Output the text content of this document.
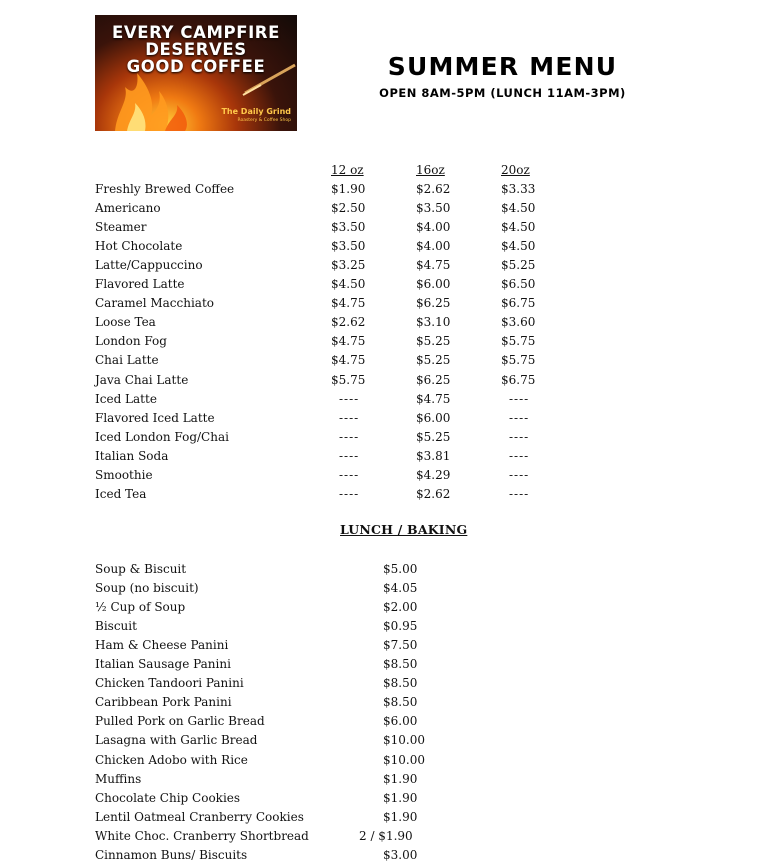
EVERY CAMPFIRE
DESERVES
GOOD COFFEE
The Daily Grind
Roastery & Coffee Shop
SUMMER MENU
OPEN 8AM-5PM (LUNCH 11AM-3PM)
12 oz	16oz	20oz
Freshly Brewed Coffee	$1.90	$2.62	$3.33
Americano	$2.50	$3.50	$4.50
Steamer	$3.50	$4.00	$4.50
Hot Chocolate	$3.50	$4.00	$4.50
Latte/Cappuccino	$3.25	$4.75	$5.25
Flavored Latte	$4.50	$6.00	$6.50
Caramel Macchiato	$4.75	$6.25	$6.75
Loose Tea	$2.62	$3.10	$3.60
London Fog	$4.75	$5.25	$5.75
Chai Latte	$4.75	$5.25	$5.75
Java Chai Latte	$5.75	$6.25	$6.75
Iced Latte	----	$4.75	----
Flavored Iced Latte	----	$6.00	----
Iced London Fog/Chai	----	$5.25	----
Italian Soda	----	$3.81	----
Smoothie	----	$4.29	----
Iced Tea	----	$2.62	----
LUNCH / BAKING
Soup & Biscuit	$5.00
Soup (no biscuit)	$4.05
½ Cup of Soup	$2.00
Biscuit	$0.95
Ham & Cheese Panini	$7.50
Italian Sausage Panini	$8.50
Chicken Tandoori Panini	$8.50
Caribbean Pork Panini	$8.50
Pulled Pork on Garlic Bread	$6.00
Lasagna with Garlic Bread	$10.00
Chicken Adobo with Rice	$10.00
Muffins	$1.90
Chocolate Chip Cookies	$1.90
Lentil Oatmeal Cranberry Cookies	$1.90
White Choc. Cranberry Shortbread	2 / $1.90
Cinnamon Buns/ Biscuits	$3.00
